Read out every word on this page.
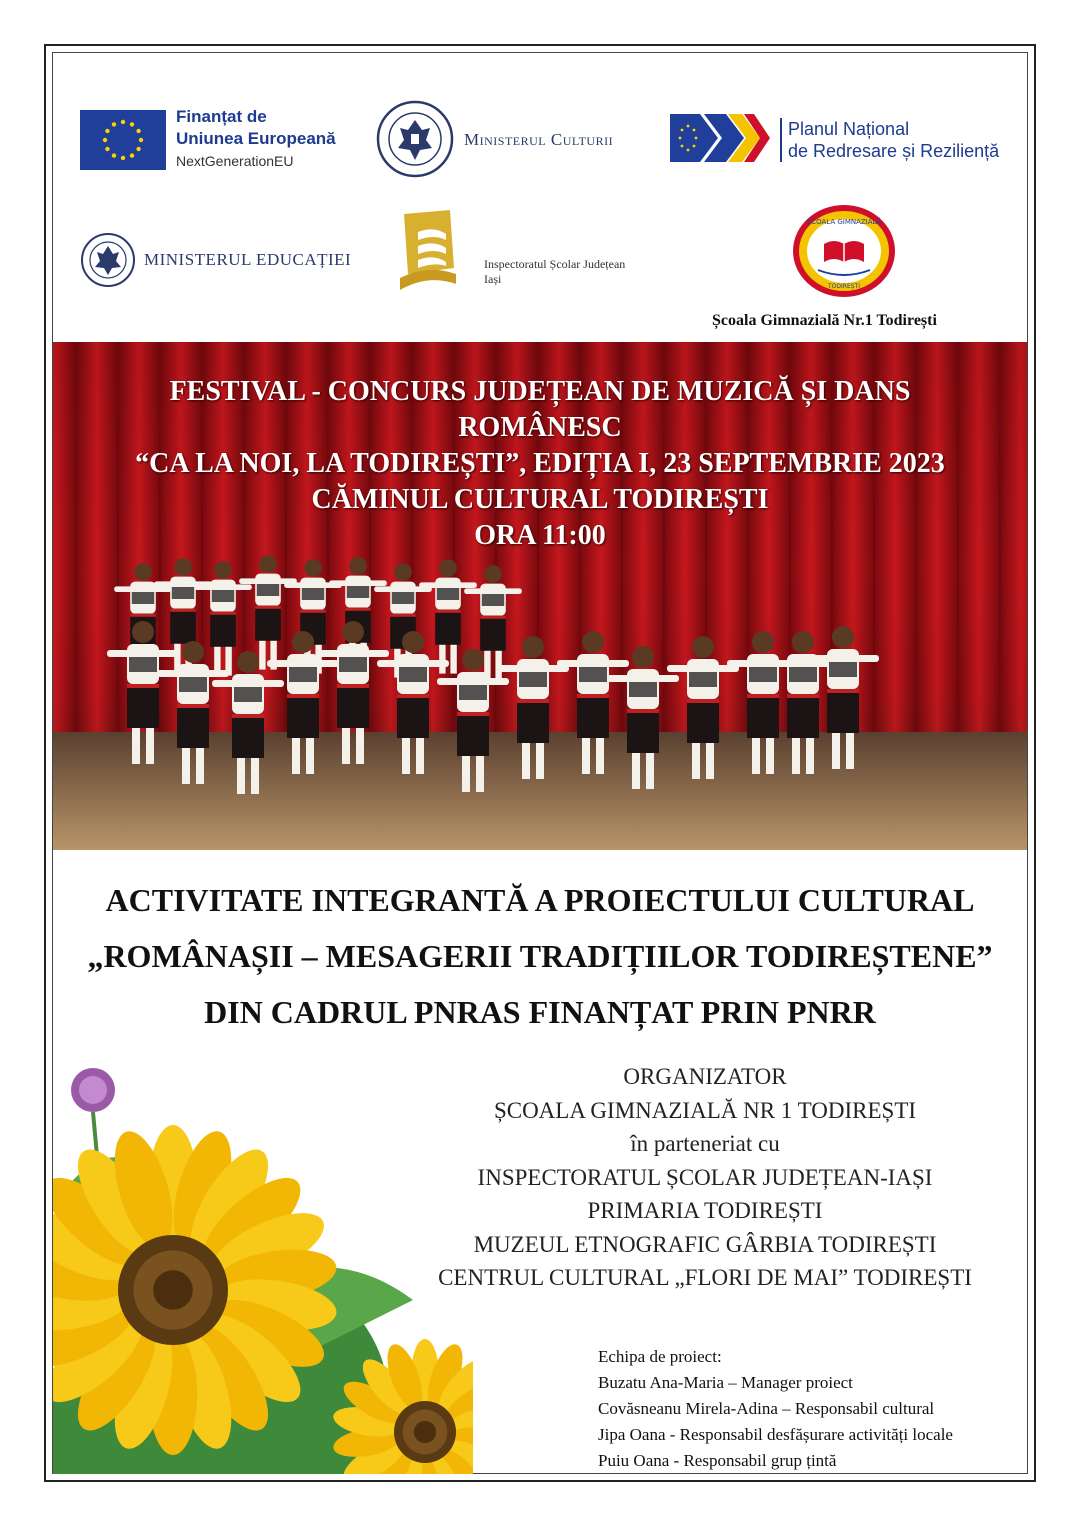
Finanțat de
Uniunea Europeană
NextGenerationEU
Ministerul Culturii
Planul Național
de Redresare și Reziliență
MINISTERUL EDUCAȚIEI	Inspectoratul Școlar Județean
Iași
ȘCOALA GIMNAZIALĂ
TODIREȘTI
Școala Gimnazială Nr.1 Todirești
FESTIVAL - CONCURS JUDEȚEAN DE MUZICĂ ȘI DANS
ROMÂNESC
“CA LA NOI, LA TODIREȘTI”, EDIȚIA I, 23 SEPTEMBRIE 2023
CĂMINUL CULTURAL TODIREȘTI
ORA 11:00
ACTIVITATE INTEGRANTĂ A PROIECTULUI CULTURAL
„ROMÂNAȘII – MESAGERII TRADIȚIILOR TODIREȘTENE”
DIN CADRUL PNRAS FINANȚAT PRIN PNRR
ORGANIZATOR
ȘCOALA GIMNAZIALĂ NR 1 TODIREȘTI
în parteneriat cu
INSPECTORATUL ȘCOLAR JUDEȚEAN-IAȘI
PRIMARIA TODIREȘTI
MUZEUL ETNOGRAFIC GÂRBIA TODIREȘTI
CENTRUL CULTURAL „FLORI DE MAI” TODIREȘTI
Echipa de proiect:
Buzatu Ana-Maria – Manager proiect
Covăsneanu Mirela-Adina – Responsabil cultural
Jipa Oana - Responsabil desfășurare activități locale
Puiu Oana - Responsabil grup țintă
